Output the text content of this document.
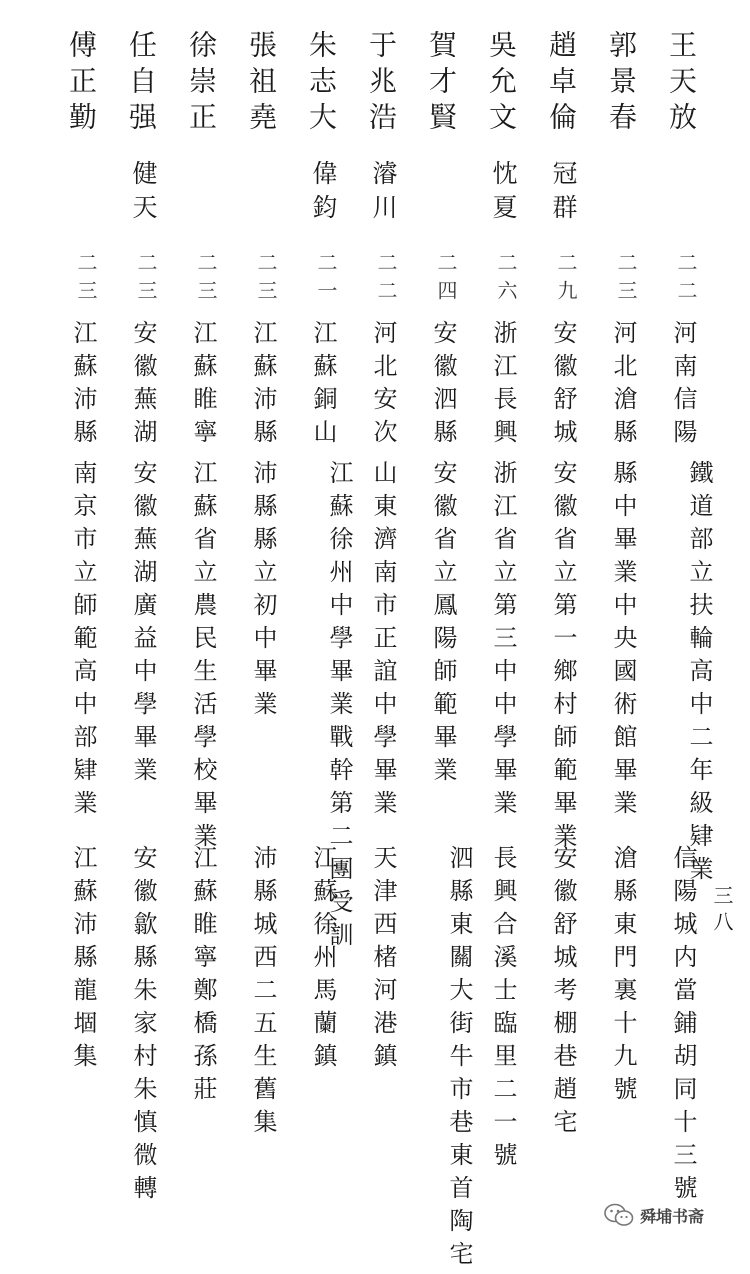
王天放
二二
河南信陽
鐵道部立扶輪高中二年級肄業
信陽城内當鋪胡同十三號
郭景春
二三
河北滄縣
縣中畢業中央國術館畢業
滄縣東門裏十九號
趙卓倫
冠群
二九
安徽舒城
安徽省立第一鄉村師範畢業
安徽舒城考棚巷趙宅
吳允文
忱夏
二六
浙江長興
浙江省立第三中中學畢業
長興合溪士臨里二一號
賀才賢
二四
安徽泗縣
安徽省立鳳陽師範畢業
泗縣東關大街牛市巷東首陶宅
于兆浩
濬川
二二
河北安次
山東濟南市正誼中學畢業
天津西楮河港鎮
朱志大
偉鈞
二一
江蘇銅山
江蘇徐州中學畢業戰幹第二團受訓
江蘇徐州馬蘭鎮
張祖堯
二三
江蘇沛縣
沛縣縣立初中畢業
沛縣城西二五生舊集
徐崇正
二三
江蘇睢寧
江蘇省立農民生活學校畢業
江蘇睢寧鄭橋孫莊
任自强
健天
二三
安徽蕪湖
安徽蕪湖廣益中學畢業
安徽歙縣朱家村朱慎微轉
傅正勤
二三
江蘇沛縣
南京市立師範高中部肄業
江蘇沛縣龍堌集	三八
舜埔书斋
